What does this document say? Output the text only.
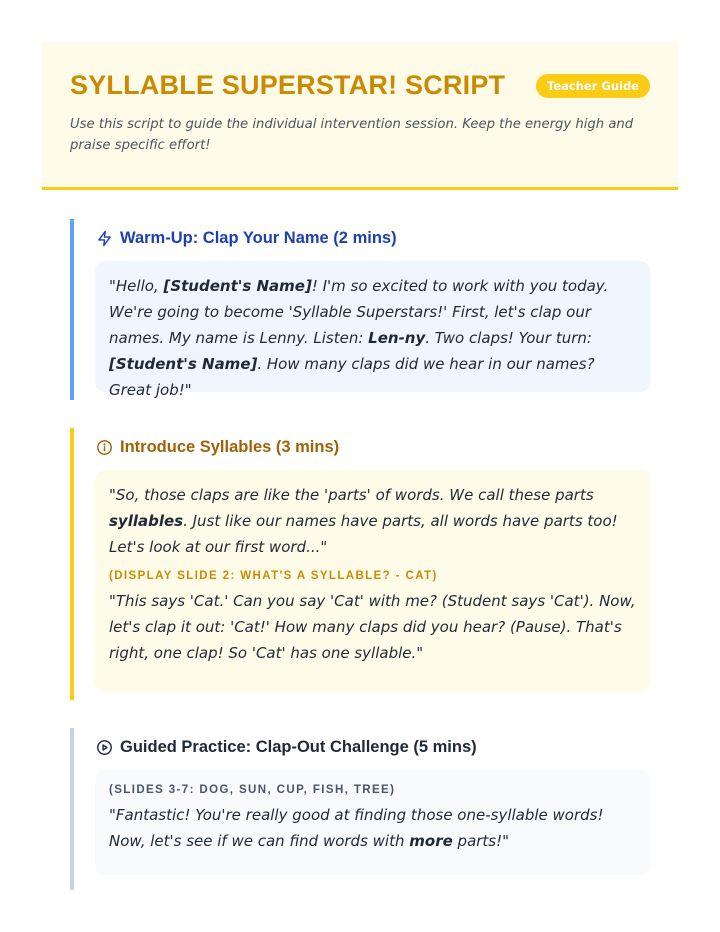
SYLLABLE SUPERSTAR! SCRIPT	Teacher Guide

Use this script to guide the individual intervention session. Keep the energy high and praise specific effort!

Warm-Up: Clap Your Name (2 mins)

"Hello, [Student's Name]! I'm so excited to work with you today. We're going to become 'Syllable Superstars!' First, let's clap our names. My name is Lenny. Listen: Len-ny. Two claps! Your turn: [Student's Name]. How many claps did we hear in our names? Great job!"

Introduce Syllables (3 mins)

"So, those claps are like the 'parts' of words. We call these parts syllables. Just like our names have parts, all words have parts too! Let's look at our first word..."

(DISPLAY SLIDE 2: WHAT'S A SYLLABLE? - CAT)

"This says 'Cat.' Can you say 'Cat' with me? (Student says 'Cat'). Now, let's clap it out: 'Cat!' How many claps did you hear? (Pause). That's right, one clap! So 'Cat' has one syllable."

Guided Practice: Clap-Out Challenge (5 mins)
(SLIDES 3-7: DOG, SUN, CUP, FISH, TREE)

"Fantastic! You're really good at finding those one-syllable words! Now, let's see if we can find words with more parts!"
